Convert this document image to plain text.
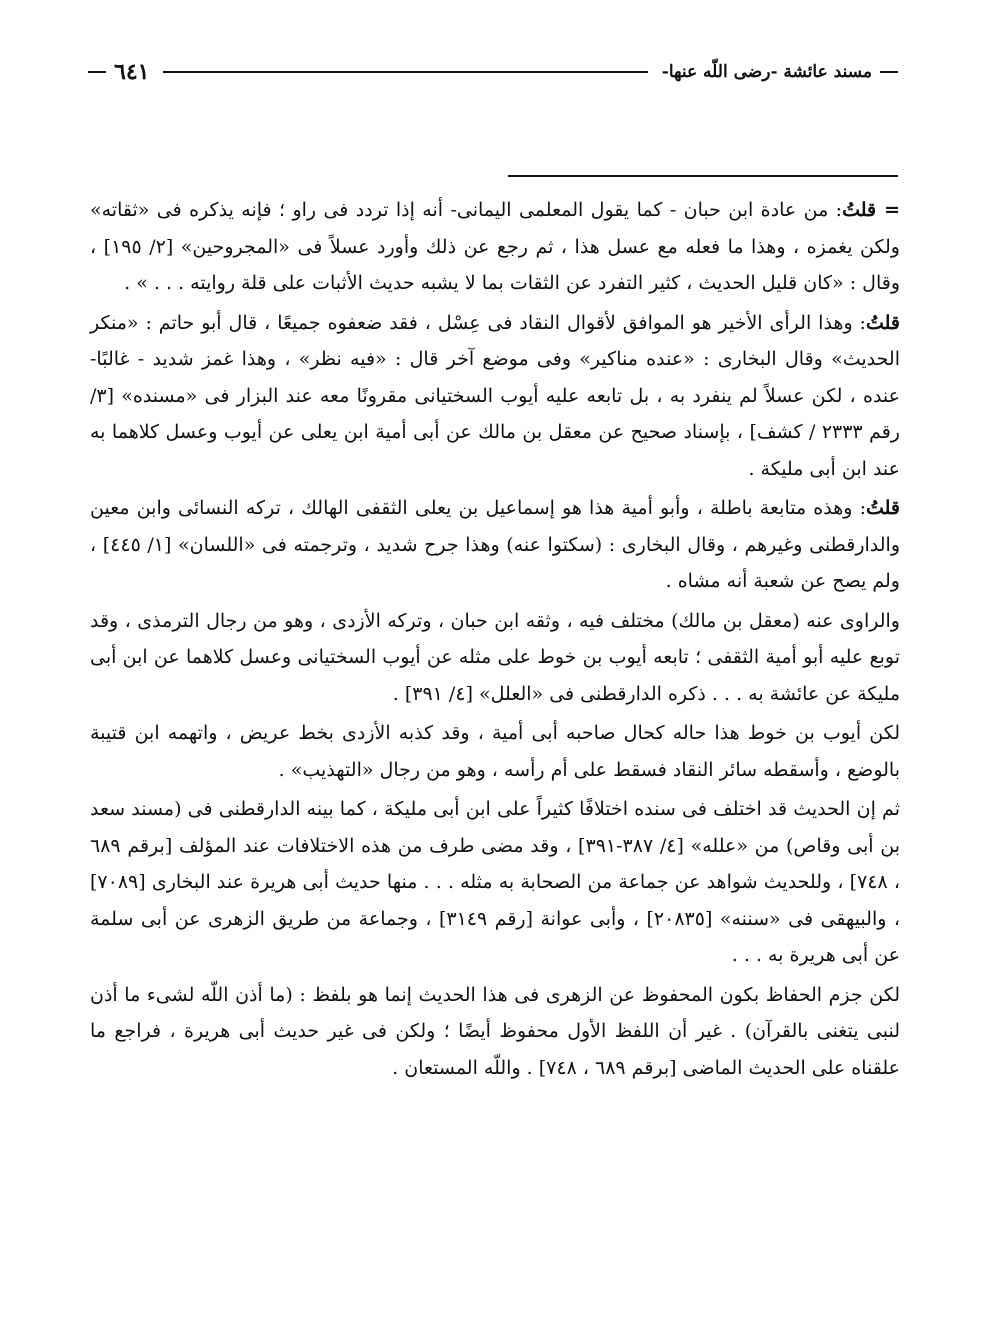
مسند عائشة -رضى اللّه عنها-
٦٤١

= قلتُ: من عادة ابن حبان - كما يقول المعلمى اليمانى- أنه إذا تردد فى راو ؛ فإنه يذكره فى «ثقاته» ولكن يغمزه ، وهذا ما فعله مع عسل هذا ، ثم رجع عن ذلك وأورد عسلاً فى «المجروحين» [٢/ ١٩٥] ، وقال : «كان قليل الحديث ، كثير التفرد عن الثقات بما لا يشبه حديث الأثبات على قلة روايته . . . » .

قلتُ: وهذا الرأى الأخير هو الموافق لأقوال النقاد فى عِسْل ، فقد ضعفوه جميعًا ، قال أبو حاتم : «منكر الحديث» وقال البخارى : «عنده مناكير» وفى موضع آخر قال : «فيه نظر» ، وهذا غمز شديد - غالبًا- عنده ، لكن عسلاً لم ينفرد به ، بل تابعه عليه أيوب السختيانى مقرونًا معه عند البزار فى «مسنده» [٣/ رقم ٢٣٣٣ / كشف] ، بإسناد صحيح عن معقل بن مالك عن أبى أمية ابن يعلى عن أيوب وعسل كلاهما به عند ابن أبى مليكة .

قلتُ: وهذه متابعة باطلة ، وأبو أمية هذا هو إسماعيل بن يعلى الثقفى الهالك ، تركه النسائى وابن معين والدارقطنى وغيرهم ، وقال البخارى : (سكتوا عنه) وهذا جرح شديد ، وترجمته فى «اللسان» [١/ ٤٤٥] ، ولم يصح عن شعبة أنه مشاه .

والراوى عنه (معقل بن مالك) مختلف فيه ، وثقه ابن حبان ، وتركه الأزدى ، وهو من رجال الترمذى ، وقد توبع عليه أبو أمية الثقفى ؛ تابعه أيوب بن خوط على مثله عن أيوب السختيانى وعسل كلاهما عن ابن أبى مليكة عن عائشة به . . . ذكره الدارقطنى فى «العلل» [٤/ ٣٩١] .

لكن أيوب بن خوط هذا حاله كحال صاحبه أبى أمية ، وقد كذبه الأزدى بخط عريض ، واتهمه ابن قتيبة بالوضع ، وأسقطه سائر النقاد فسقط على أم رأسه ، وهو من رجال «التهذيب» .

ثم إن الحديث قد اختلف فى سنده اختلافًا كثيراً على ابن أبى مليكة ، كما بينه الدارقطنى فى (مسند سعد بن أبى وقاص) من «علله» [٤/ ٣٨٧-٣٩١] ، وقد مضى طرف من هذه الاختلافات عند المؤلف [برقم ٦٨٩ ، ٧٤٨] ، وللحديث شواهد عن جماعة من الصحابة به مثله . . . منها حديث أبى هريرة عند البخارى [٧٠٨٩] ، والبيهقى فى «سننه» [٢٠٨٣٥] ، وأبى عوانة [رقم ٣١٤٩] ، وجماعة من طريق الزهرى عن أبى سلمة عن أبى هريرة به . . .

لكن جزم الحفاظ بكون المحفوظ عن الزهرى فى هذا الحديث إنما هو بلفظ : (ما أذن اللّه لشىء ما أذن لنبى يتغنى بالقرآن) . غير أن اللفظ الأول محفوظ أيضًا ؛ ولكن فى غير حديث أبى هريرة ، فراجع ما علقناه على الحديث الماضى [برقم ٦٨٩ ، ٧٤٨] . واللّه المستعان .
